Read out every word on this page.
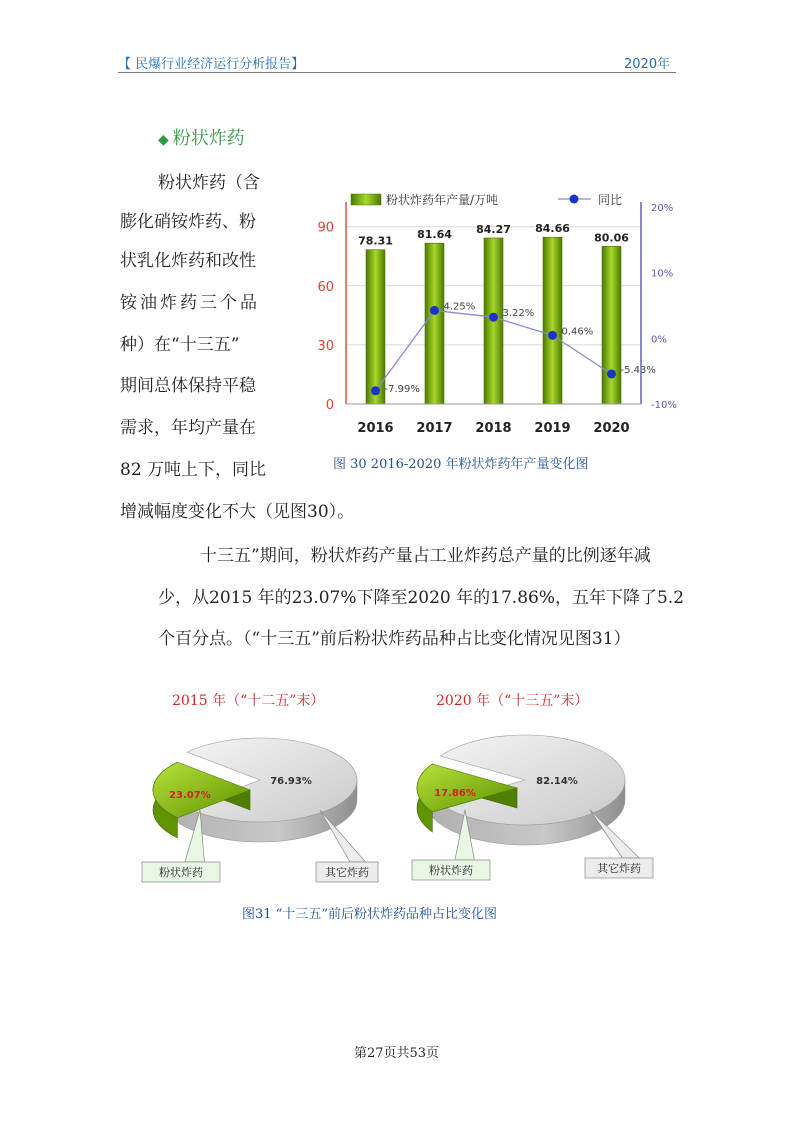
【 民爆行业经济运行分析报告】	2020年
◆ 粉状炸药
粉状炸药（含
膨化硝铵炸药、粉
状乳化炸药和改性
铵油炸药三个品
种）在“十三五”
期间总体保持平稳
需求，年均产量在
82 万吨上下，同比
增减幅度变化不大（见图30）。
78.31
2016
81.64
2017
84.27
2018
84.66
2019
80.06
2020
-7.99%
4.25%
3.22%
0.46%
-5.43%
0
30
60
90
-10%
0%
10%
20%
粉状炸药年产量/万吨	同比
图 30 2016-2020 年粉状炸药年产量变化图
十三五”期间，粉状炸药产量占工业炸药总产量的比例逐年减
少，从2015 年的23.07%下降至2020 年的17.86%，五年下降了5.2
个百分点。（“十三五”前后粉状炸药品种占比变化情况见图31）
2015 年（“十二五”末）	2020 年（“十三五”末）
23.07%
76.93%
粉状炸药	其它炸药
17.86%
82.14%
粉状炸药	其它炸药
图31 “十三五”前后粉状炸药品种占比变化图
第27页共53页
